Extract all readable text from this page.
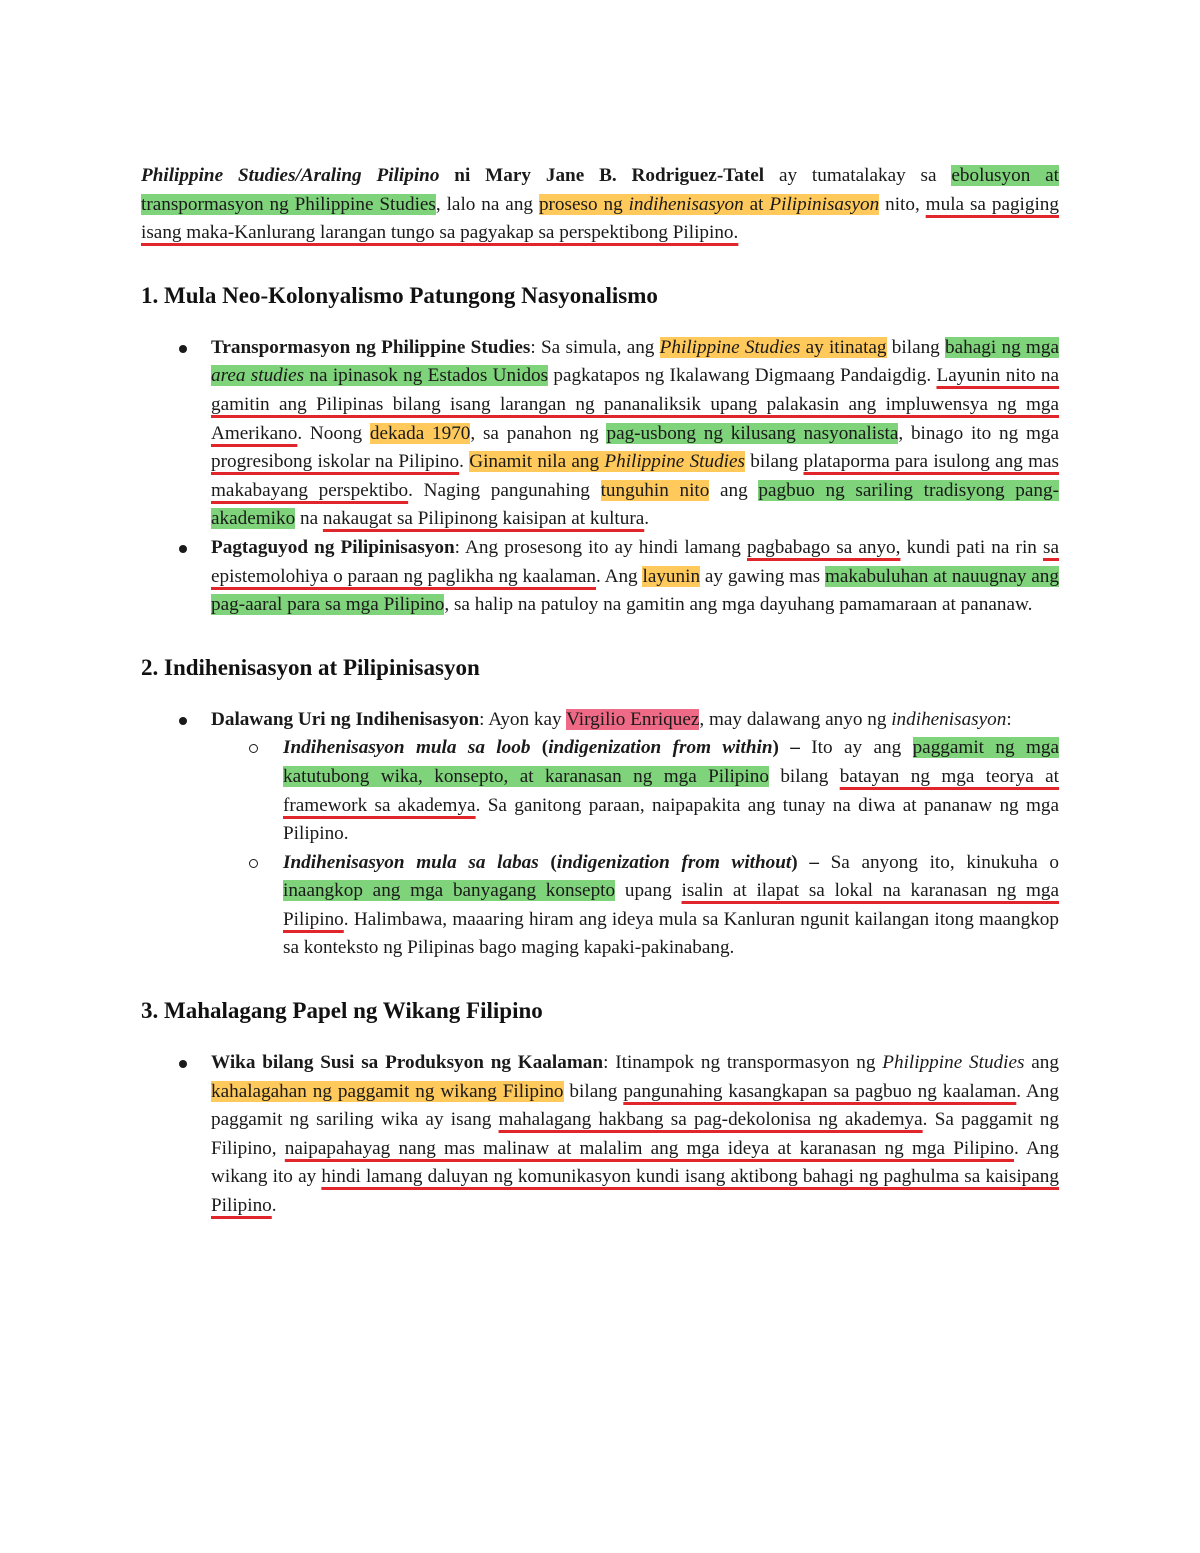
Philippine Studies/Araling Pilipino ni Mary Jane B. Rodriguez-Tatel ay tumatalakay sa ebolusyon at transpormasyon ng Philippine Studies, lalo na ang proseso ng indihenisasyon at Pilipinisasyon nito, mula sa pagiging isang maka-Kanlurang larangan tungo sa pagyakap sa perspektibong Pilipino.

1. Mula Neo-Kolonyalismo Patungong Nasyonalismo
Transpormasyon ng Philippine Studies: Sa simula, ang Philippine Studies ay itinatag bilang bahagi ng mga area studies na ipinasok ng Estados Unidos pagkatapos ng Ikalawang Digmaang Pandaigdig. Layunin nito na gamitin ang Pilipinas bilang isang larangan ng pananaliksik upang palakasin ang impluwensya ng mga Amerikano. Noong dekada 1970, sa panahon ng pag-usbong ng kilusang nasyonalista, binago ito ng mga progresibong iskolar na Pilipino. Ginamit nila ang Philippine Studies bilang plataporma para isulong ang mas makabayang perspektibo. Naging pangunahing tunguhin nito ang pagbuo ng sariling tradisyong pang-akademiko na nakaugat sa Pilipinong kaisipan at kultura.
Pagtaguyod ng Pilipinisasyon: Ang prosesong ito ay hindi lamang pagbabago sa anyo, kundi pati na rin sa epistemolohiya o paraan ng paglikha ng kaalaman. Ang layunin ay gawing mas makabuluhan at nauugnay ang pag-aaral para sa mga Pilipino, sa halip na patuloy na gamitin ang mga dayuhang pamamaraan at pananaw.
2. Indihenisasyon at Pilipinisasyon
Dalawang Uri ng Indihenisasyon: Ayon kay Virgilio Enriquez, may dalawang anyo ng indihenisasyon:
Indihenisasyon mula sa loob (indigenization from within) – Ito ay ang paggamit ng mga katutubong wika, konsepto, at karanasan ng mga Pilipino bilang batayan ng mga teorya at framework sa akademya. Sa ganitong paraan, naipapakita ang tunay na diwa at pananaw ng mga Pilipino.
Indihenisasyon mula sa labas (indigenization from without) – Sa anyong ito, kinukuha o inaangkop ang mga banyagang konsepto upang isalin at ilapat sa lokal na karanasan ng mga Pilipino. Halimbawa, maaaring hiram ang ideya mula sa Kanluran ngunit kailangan itong maangkop sa konteksto ng Pilipinas bago maging kapaki-pakinabang.
3. Mahalagang Papel ng Wikang Filipino
Wika bilang Susi sa Produksyon ng Kaalaman: Itinampok ng transpormasyon ng Philippine Studies ang kahalagahan ng paggamit ng wikang Filipino bilang pangunahing kasangkapan sa pagbuo ng kaalaman. Ang paggamit ng sariling wika ay isang mahalagang hakbang sa pag-dekolonisa ng akademya. Sa paggamit ng Filipino, naipapahayag nang mas malinaw at malalim ang mga ideya at karanasan ng mga Pilipino. Ang wikang ito ay hindi lamang daluyan ng komunikasyon kundi isang aktibong bahagi ng paghulma sa kaisipang Pilipino.
